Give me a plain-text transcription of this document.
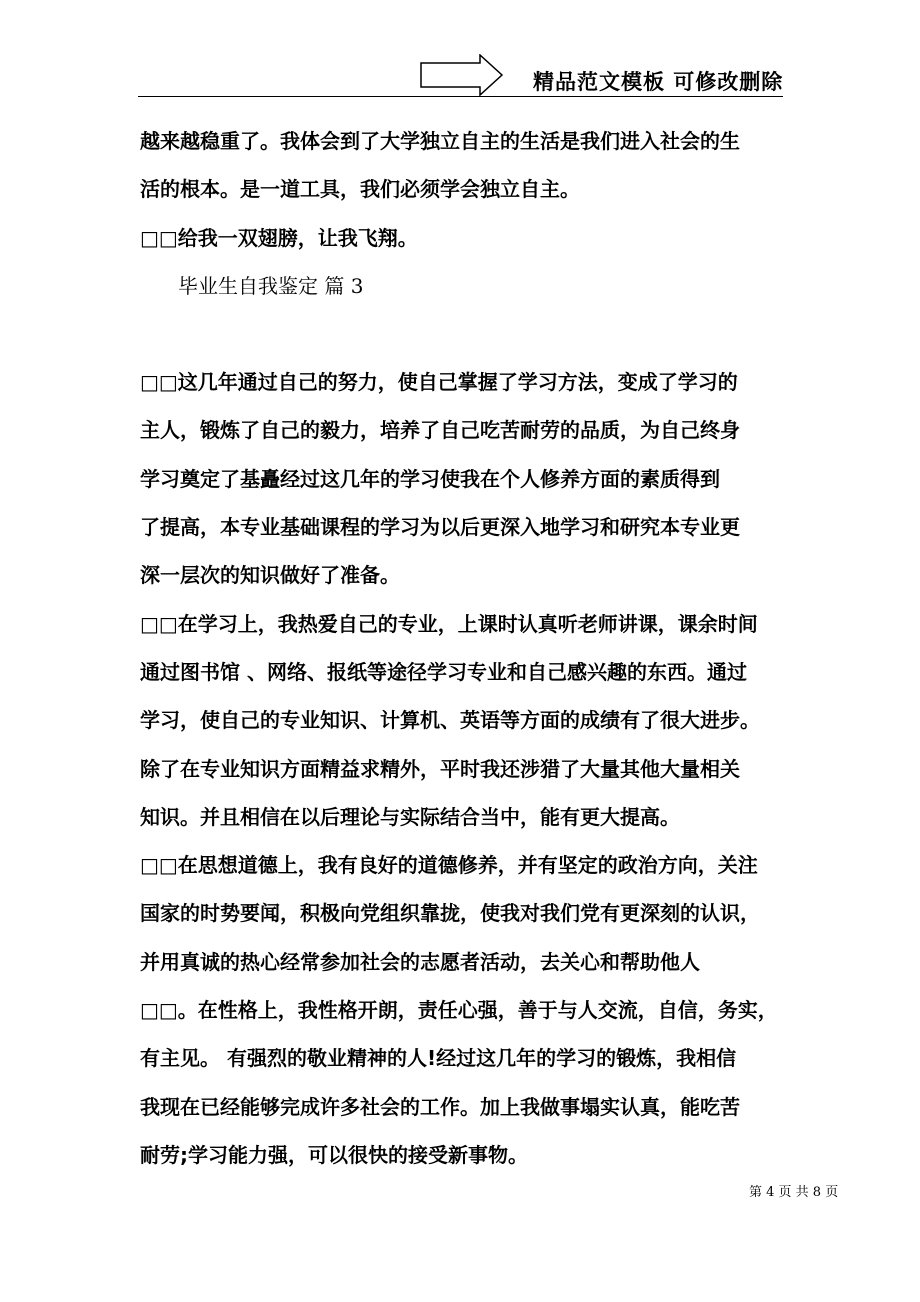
精品范文模板 可修改删除
越来越稳重了。我体会到了大学独立自主的生活是我们进入社会的生
活的根本。是一道工具，我们必须学会独立自主。
□□给我一双翅膀，让我飞翔。
毕业生自我鉴定 篇 3
□□这几年通过自己的努力，使自己掌握了学习方法，变成了学习的
主人，锻炼了自己的毅力，培养了自己吃苦耐劳的品质，为自己终身
学习奠定了基矗经过这几年的学习使我在个人修养方面的素质得到
了提高，本专业基础课程的学习为以后更深入地学习和研究本专业更
深一层次的知识做好了准备。
□□在学习上，我热爱自己的专业，上课时认真听老师讲课，课余时间
通过图书馆 、网络、报纸等途径学习专业和自己感兴趣的东西。通过
学习，使自己的专业知识、计算机、英语等方面的成绩有了很大进步。
除了在专业知识方面精益求精外，平时我还涉猎了大量其他大量相关
知识。并且相信在以后理论与实际结合当中，能有更大提高。
□□在思想道德上，我有良好的道德修养，并有坚定的政治方向，关注
国家的时势要闻，积极向党组织靠拢，使我对我们党有更深刻的认识，
并用真诚的热心经常参加社会的志愿者活动，去关心和帮助他人
□□。在性格上，我性格开朗，责任心强，善于与人交流，自信，务实，
有主见。 有强烈的敬业精神的人!经过这几年的学习的锻炼，我相信
我现在已经能够完成许多社会的工作。加上我做事塌实认真，能吃苦
耐劳;学习能力强，可以很快的接受新事物。
第 4 页 共 8 页
